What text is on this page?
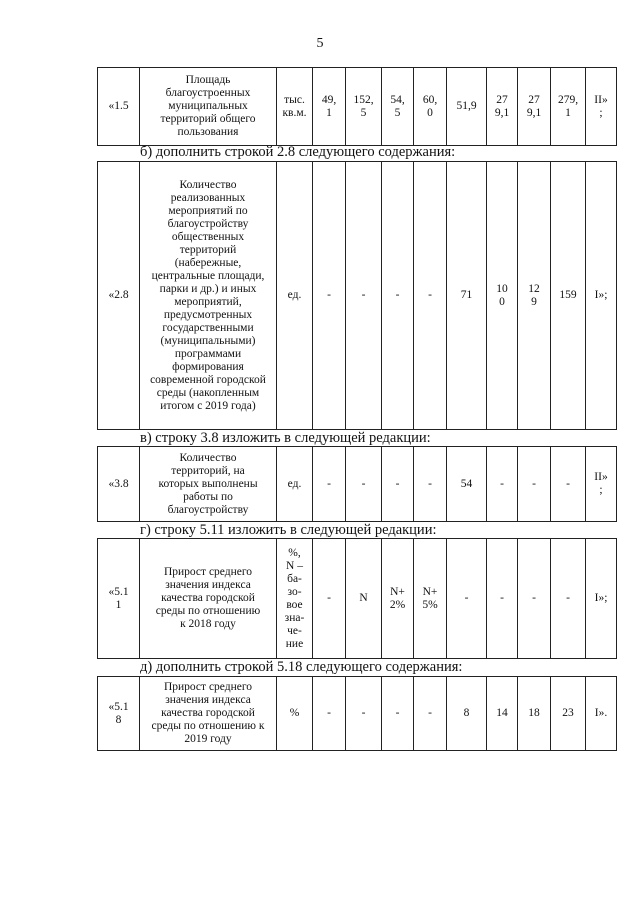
5
«1.5	Площадь
благоустроенных
муниципальных
территорий общего
пользования	тыс.
кв.м.	49,
1	152,
5	54,
5	60,
0	51,9	27
9,1	27
9,1	279,
1	II»
;
б) дополнить строкой 2.8 следующего содержания:
«2.8	Количество
реализованных
мероприятий по
благоустройству
общественных
территорий
(набережные,
центральные площади,
парки и др.) и иных
мероприятий,
предусмотренных
государственными
(муниципальными)
программами
формирования
современной городской
среды (накопленным
итогом с 2019 года)	ед.	-	-	-	-	71	10
0	12
9	159	I»;
в) строку 3.8 изложить в следующей редакции:
«3.8	Количество
территорий, на
которых выполнены
работы по
благоустройству	ед.	-	-	-	-	54	-	-	-	II»
;
г) строку 5.11 изложить в следующей редакции:
«5.1
1	Прирост среднего
значения индекса
качества городской
среды по отношению
к 2018 году	%,
N –
ба-
зо-
вое
зна-
че-
ние	-	N	N+
2%	N+
5%	-	-	-	-	I»;
д) дополнить строкой 5.18 следующего содержания:
«5.1
8	Прирост среднего
значения индекса
качества городской
среды по отношению к
2019 году	%	-	-	-	-	8	14	18	23	I».
